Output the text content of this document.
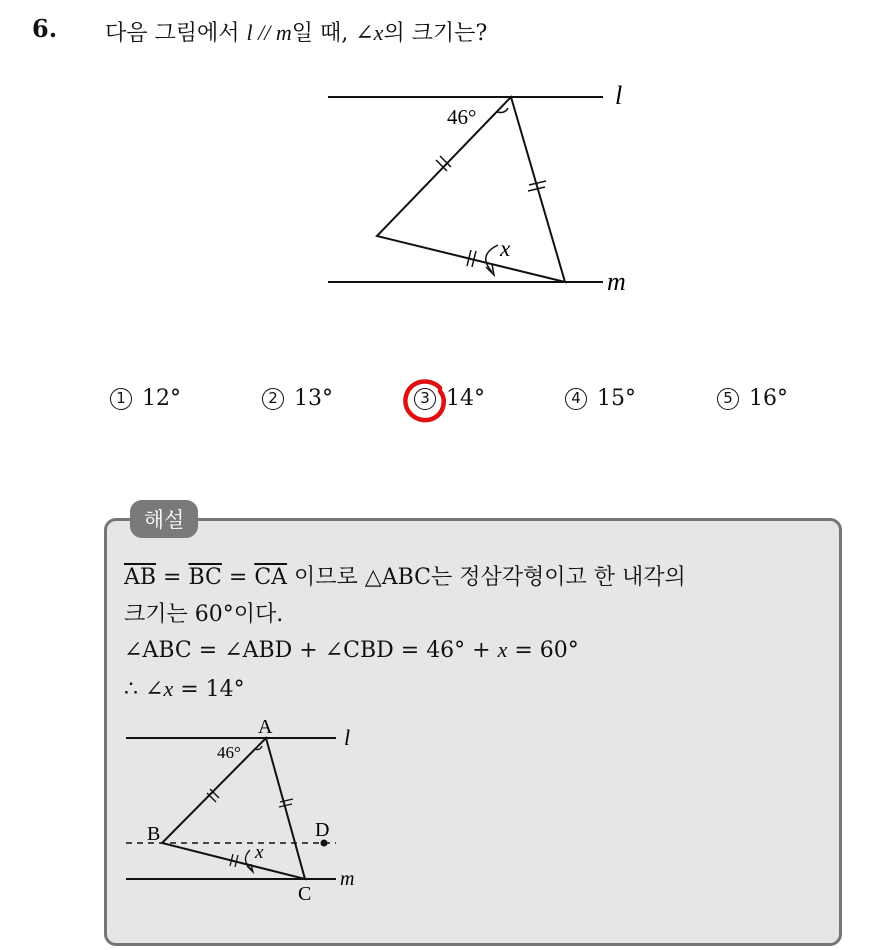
6. 다음 그림에서 l // m일 때, ∠x의 크기는?
46°
x
l
m
1 12°	2 13°	3 14°	4 15°	5 16°
해설
$\overline{AB} = \overline{BC} = \overline{CA}$ 이므로 △ABC는 정삼각형이고 한 내각의
크기는 60°이다.
∠ABC = ∠ABD + ∠CBD = 46° + x = 60°
∴ ∠x = 14°
46°
x
A
B
C
D
l
m
